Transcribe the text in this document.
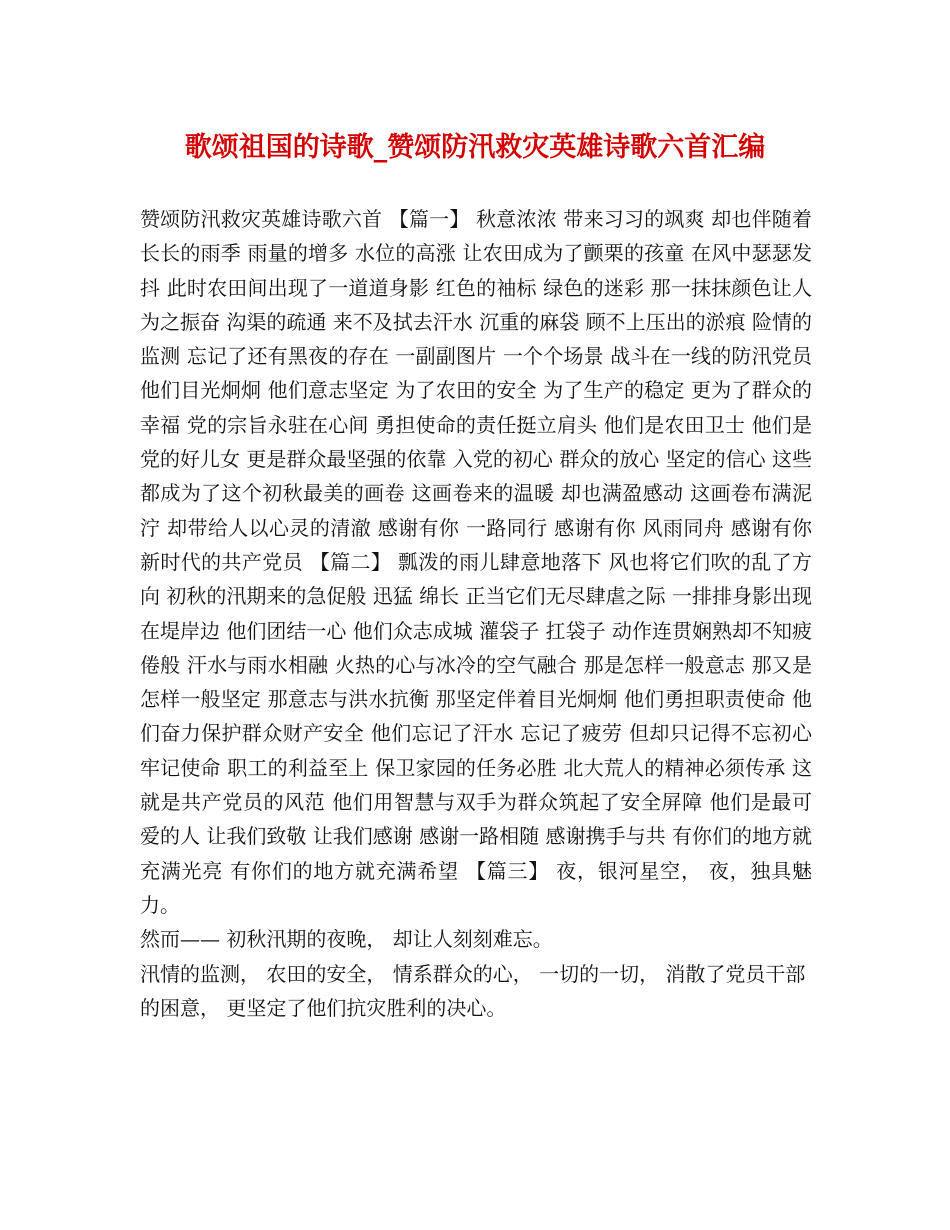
歌颂祖国的诗歌_赞颂防汛救灾英雄诗歌六首汇编

赞颂防汛救灾英雄诗歌六首 【篇一】 秋意浓浓 带来习习的飒爽 却也伴随着长长的雨季 雨量的增多 水位的高涨 让农田成为了颤栗的孩童 在风中瑟瑟发抖 此时农田间出现了一道道身影 红色的袖标 绿色的迷彩 那一抹抹颜色让人为之振奋 沟渠的疏通 来不及拭去汗水 沉重的麻袋 顾不上压出的淤痕 险情的监测 忘记了还有黑夜的存在 一副副图片 一个个场景 战斗在一线的防汛党员 他们目光炯炯 他们意志坚定 为了农田的安全 为了生产的稳定 更为了群众的幸福 党的宗旨永驻在心间 勇担使命的责任挺立肩头 他们是农田卫士 他们是党的好儿女 更是群众最坚强的依靠 入党的初心 群众的放心 坚定的信心 这些都成为了这个初秋最美的画卷 这画卷来的温暖 却也满盈感动 这画卷布满泥泞 却带给人以心灵的清澈 感谢有你 一路同行 感谢有你 风雨同舟 感谢有你 新时代的共产党员 【篇二】 瓢泼的雨儿肆意地落下 风也将它们吹的乱了方向 初秋的汛期来的急促般 迅猛 绵长 正当它们无尽肆虐之际 一排排身影出现在堤岸边 他们团结一心 他们众志成城 灌袋子 扛袋子 动作连贯娴熟却不知疲倦般 汗水与雨水相融 火热的心与冰冷的空气融合 那是怎样一般意志 那又是怎样一般坚定 那意志与洪水抗衡 那坚定伴着目光炯炯 他们勇担职责使命 他们奋力保护群众财产安全 他们忘记了汗水 忘记了疲劳 但却只记得不忘初心 牢记使命 职工的利益至上 保卫家园的任务必胜 北大荒人的精神必须传承 这就是共产党员的风范 他们用智慧与双手为群众筑起了安全屏障 他们是最可爱的人 让我们致敬 让我们感谢 感谢一路相随 感谢携手与共 有你们的地方就充满光亮 有你们的地方就充满希望 【篇三】 夜，银河星空， 夜，独具魅力。

然而—— 初秋汛期的夜晚， 却让人刻刻难忘。

汛情的监测， 农田的安全， 情系群众的心， 一切的一切， 消散了党员干部的困意， 更坚定了他们抗灾胜利的决心。
